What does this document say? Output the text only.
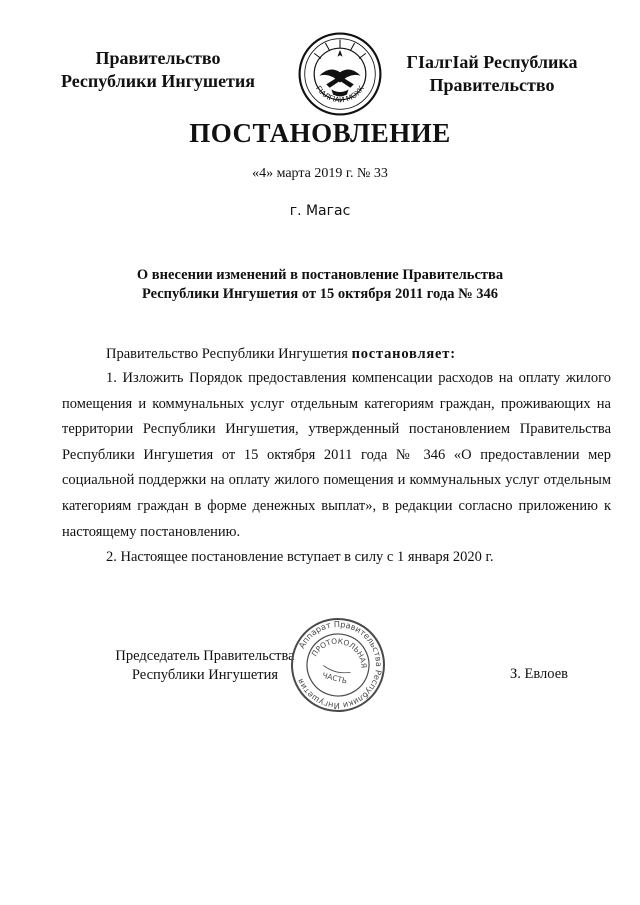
Правительство
Республики Ингушетия	ГIАЛГIАЙ МОХК
ГIалгIай Республика
Правительство
ПОСТАНОВЛЕНИЕ
«4» марта 2019 г. № 33
г. Магас
О внесении изменений в постановление Правительства
Республики Ингушетия от 15 октября 2011 года № 346
Правительство Республики Ингушетия постановляет:
1. Изложить Порядок предоставления компенсации расходов на оплату жилого помещения и коммунальных услуг отдельным категориям граждан, проживающих на территории Республики Ингушетия, утвержденный постановлением Правительства Республики Ингушетия от 15 октября 2011 года № 346 «О предоставлении мер социальной поддержки на оплату жилого помещения и коммунальных услуг отдельным категориям граждан в форме денежных выплат», в редакции согласно приложению к настоящему постановлению.
2. Настоящее постановление вступает в силу с 1 января 2020 г.
Председатель Правительства
Республики Ингушетия
Аппарат Правительства Республики Ингушетия
ПРОТОКОЛЬНАЯ
ЧАСТЬ	З. Евлоев
